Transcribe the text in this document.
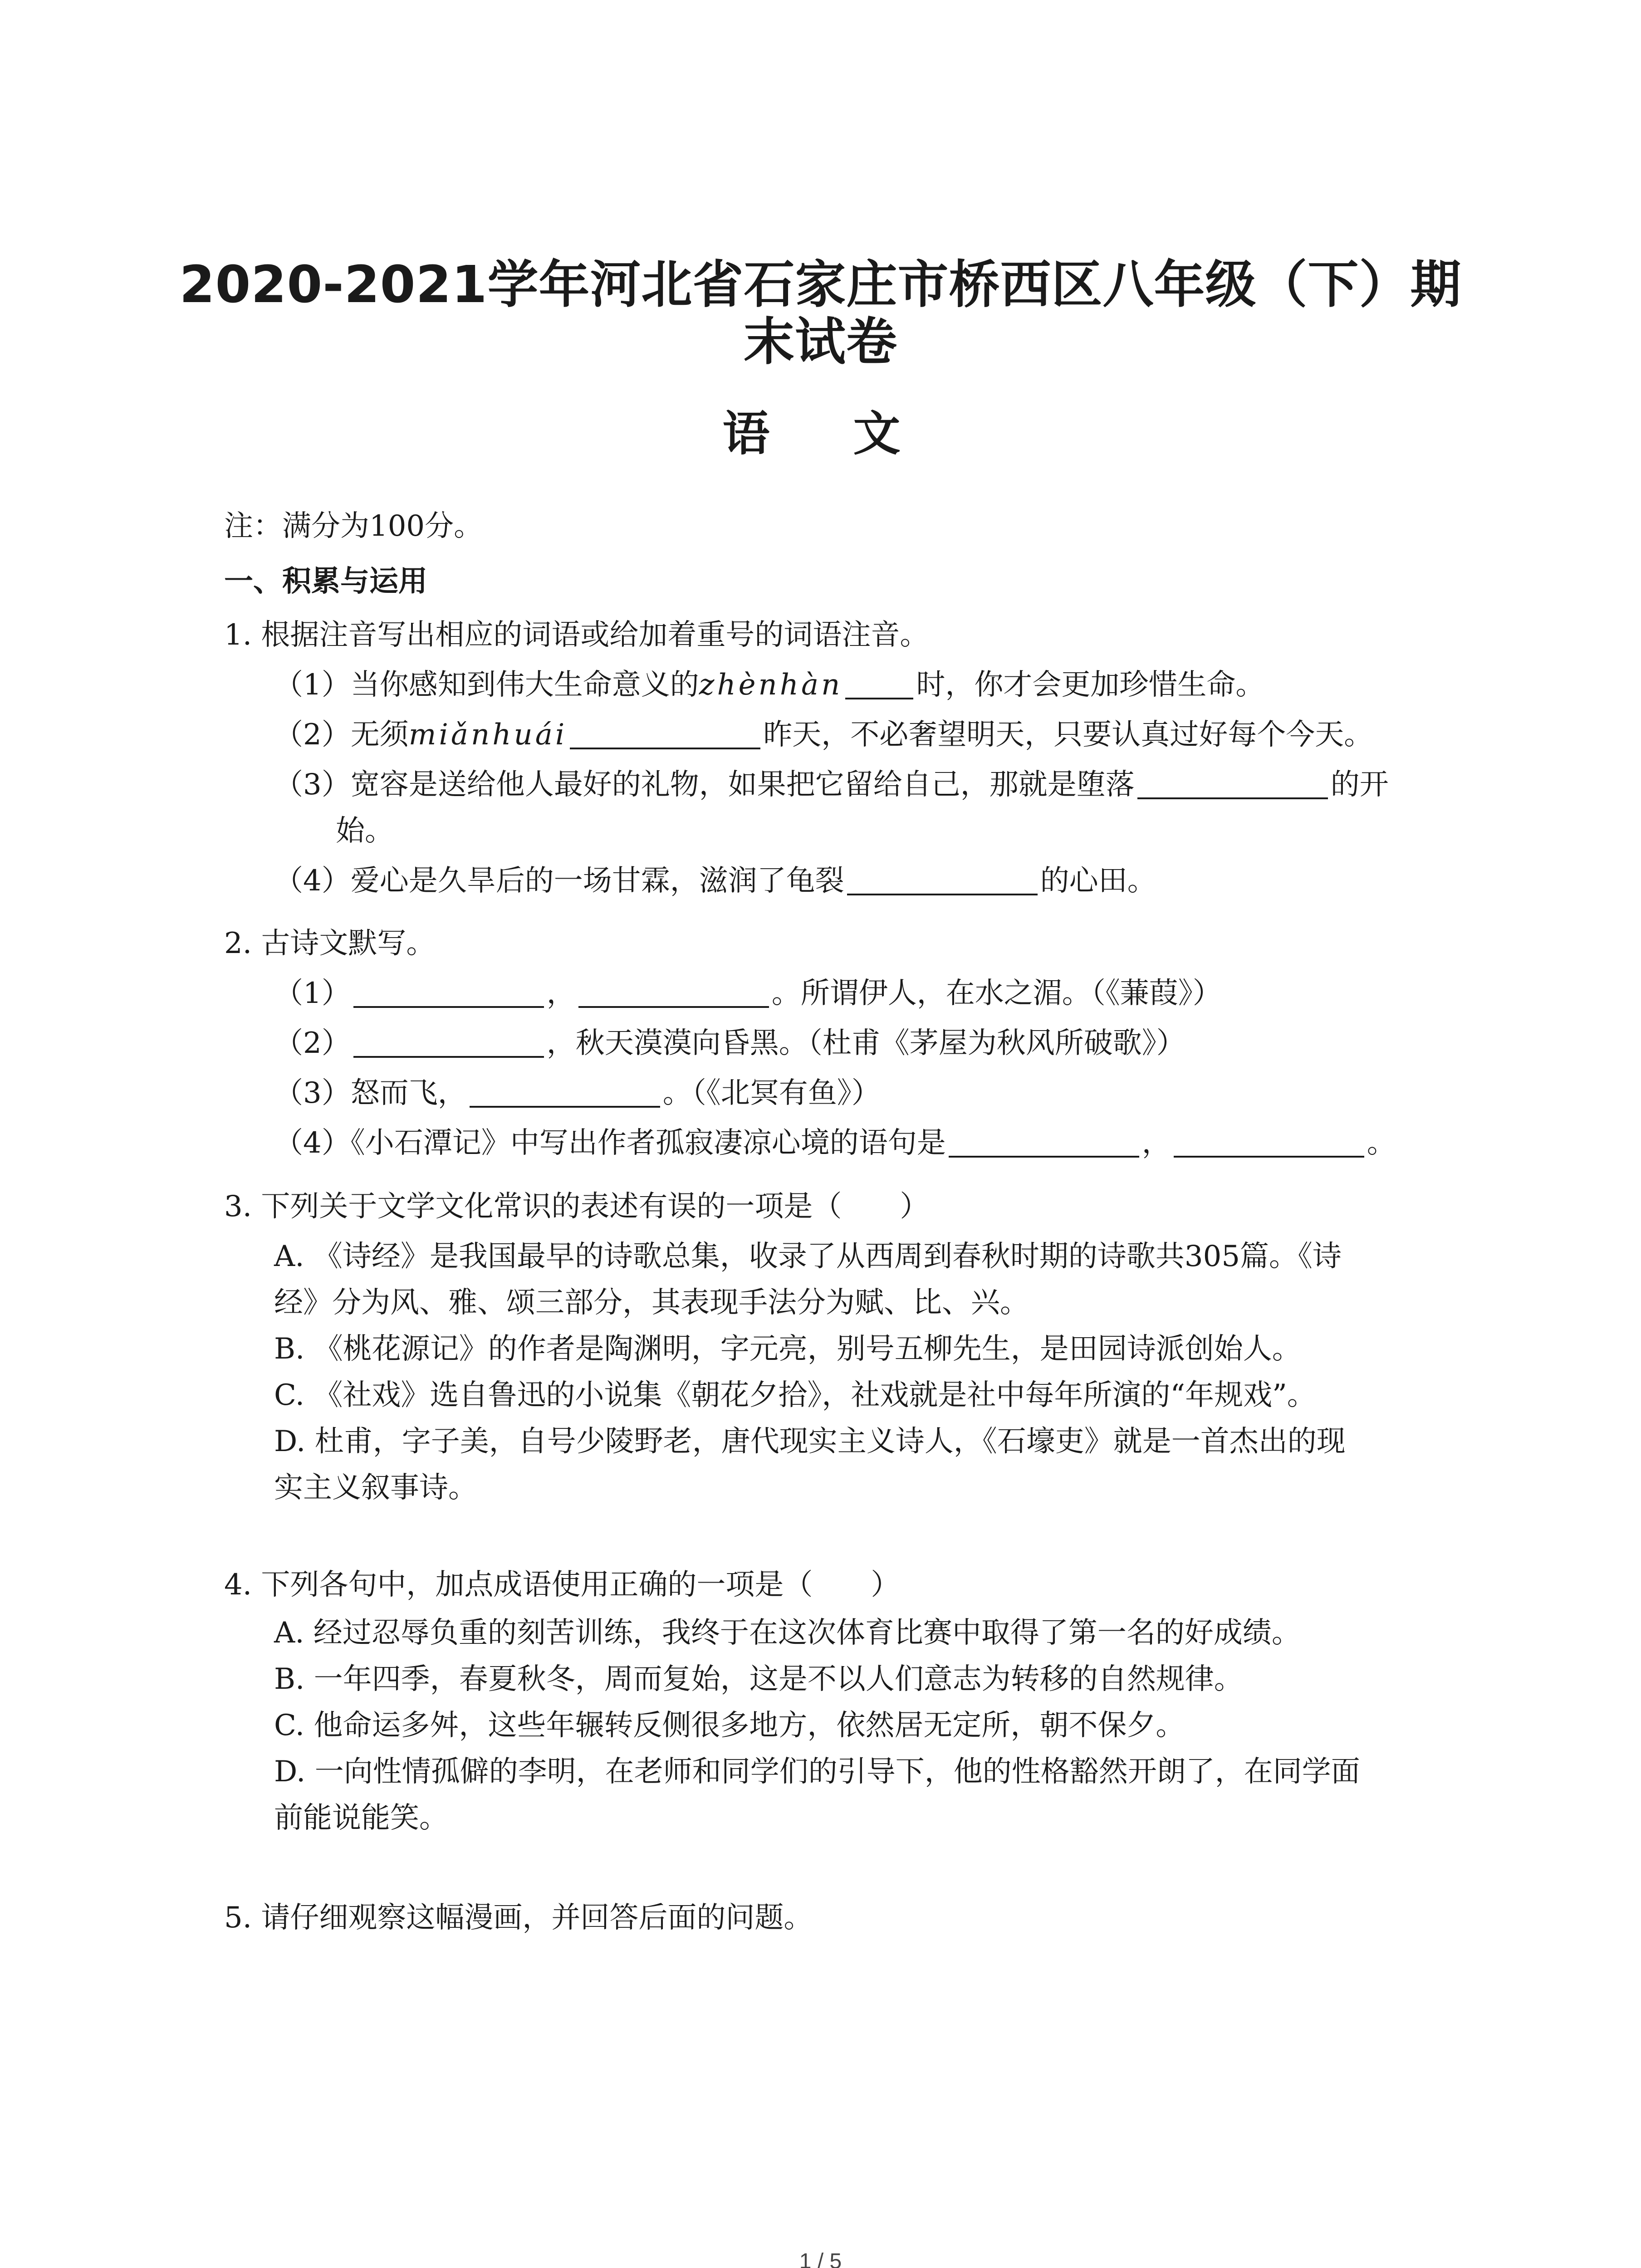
2020-2021学年河北省石家庄市桥西区八年级（下）期
末试卷
语　文
注：满分为100分。
一、积累与运用
1. 根据注音写出相应的词语或给加着重号的词语注音。
（1）当你感知到伟大生命意义的zhènhàn	时，你才会更加珍惜生命。
（2）无须miǎnhuái	昨天，不必奢望明天，只要认真过好每个今天。
（3）宽容是送给他人最好的礼物，如果把它留给自己，那就是堕落	的开
始。
（4）爱心是久旱后的一场甘霖，滋润了龟裂	的心田。
2. 古诗文默写。
（1）	，	。所谓伊人，在水之湄。（《蒹葭》）
（2）	，秋天漠漠向昏黑。（杜甫《茅屋为秋风所破歌》）
（3）怒而飞，	。（《北冥有鱼》）
（4）《小石潭记》中写出作者孤寂凄凉心境的语句是	，	。
3. 下列关于文学文化常识的表述有误的一项是（　　）
A. 《诗经》是我国最早的诗歌总集，收录了从西周到春秋时期的诗歌共305篇。《诗
经》分为风、雅、颂三部分，其表现手法分为赋、比、兴。
B. 《桃花源记》的作者是陶渊明，字元亮，别号五柳先生，是田园诗派创始人。
C. 《社戏》选自鲁迅的小说集《朝花夕拾》，社戏就是社中每年所演的“年规戏”。
D. 杜甫，字子美，自号少陵野老，唐代现实主义诗人，《石壕吏》就是一首杰出的现
实主义叙事诗。
4. 下列各句中，加点成语使用正确的一项是（　　）
A. 经过忍辱负重的刻苦训练，我终于在这次体育比赛中取得了第一名的好成绩。
B. 一年四季，春夏秋冬，周而复始，这是不以人们意志为转移的自然规律。
C. 他命运多舛，这些年辗转反侧很多地方，依然居无定所，朝不保夕。
D. 一向性情孤僻的李明，在老师和同学们的引导下，他的性格豁然开朗了，在同学面
前能说能笑。
5. 请仔细观察这幅漫画，并回答后面的问题。
1 / 5
